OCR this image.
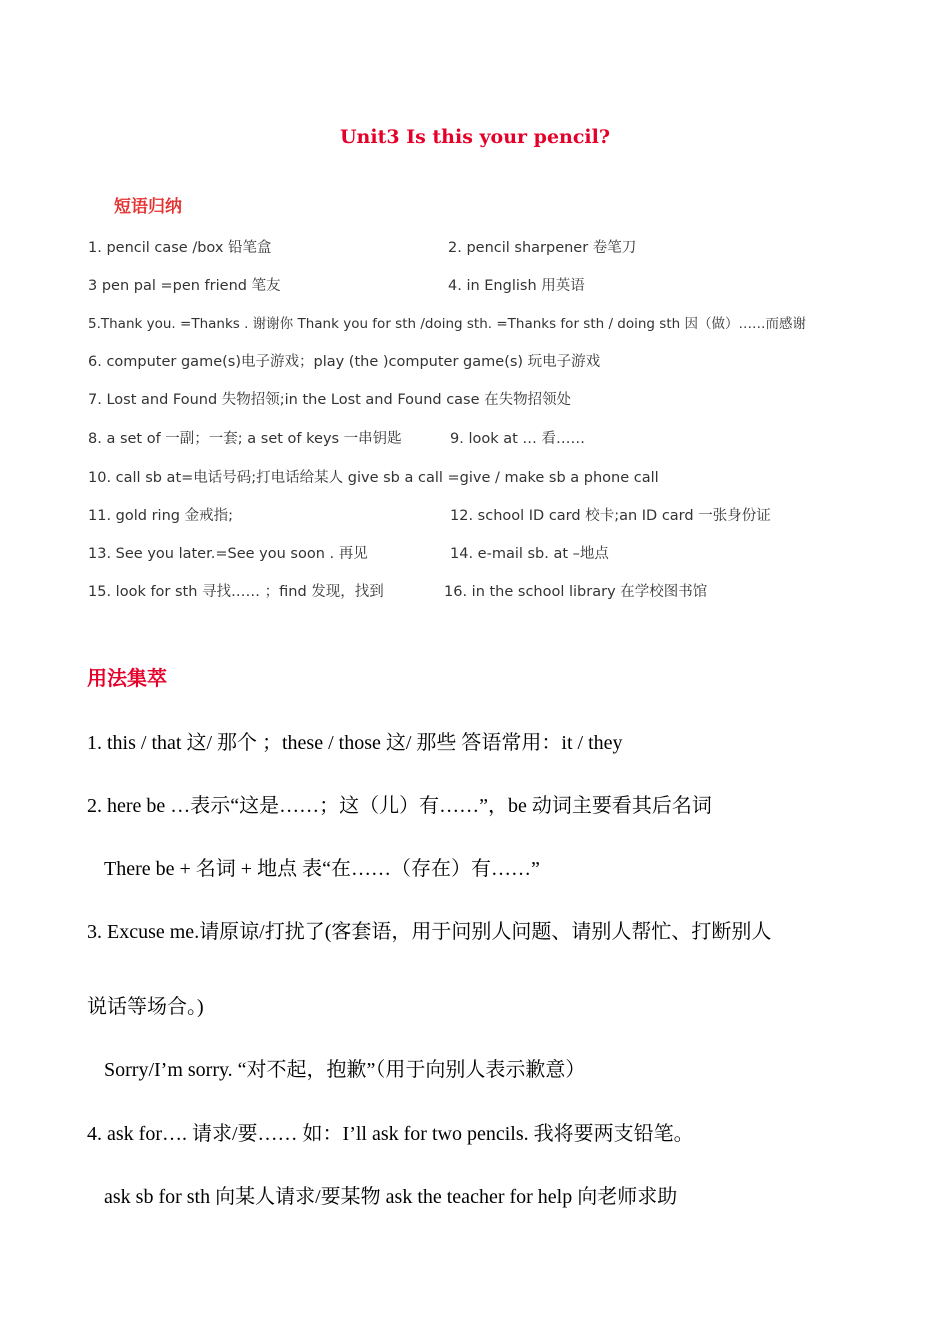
Unit3 Is this your pencil?
短语归纳
1. pencil case /box 铅笔盒	2. pencil sharpener 卷笔刀
3 pen pal =pen friend 笔友	4. in English 用英语
5.Thank you. =Thanks . 谢谢你 Thank you for sth /doing sth. =Thanks for sth / doing sth 因（做）……而感谢
6. computer game(s)电子游戏；play (the )computer game(s) 玩电子游戏
7. Lost and Found 失物招领;in the Lost and Found case 在失物招领处
8. a set of 一副；一套; a set of keys 一串钥匙	9. look at … 看……
10. call sb at=电话号码;打电话给某人 give sb a call =give / make sb a phone call
11. gold ring 金戒指;	12. school ID card 校卡;an ID card 一张身份证
13. See you later.=See you soon . 再见	14. e-mail sb. at –地点
15. look for sth 寻找…… ；find 发现，找到	16. in the school library 在学校图书馆
用法集萃
1. this / that 这/ 那个 ；these / those 这/ 那些 答语常用：it / they
2. here be …表示“这是……；这（儿）有……”，be 动词主要看其后名词
There be + 名词 + 地点 表“在……（存在）有……”
3. Excuse me.请原谅/打扰了(客套语，用于问别人问题、请别人帮忙、打断别人
说话等场合。)
Sorry/I’m sorry. “对不起，抱歉”（用于向别人表示歉意）
4. ask for…. 请求/要…… 如：I’ll ask for two pencils. 我将要两支铅笔。
ask sb for sth 向某人请求/要某物 ask the teacher for help 向老师求助
